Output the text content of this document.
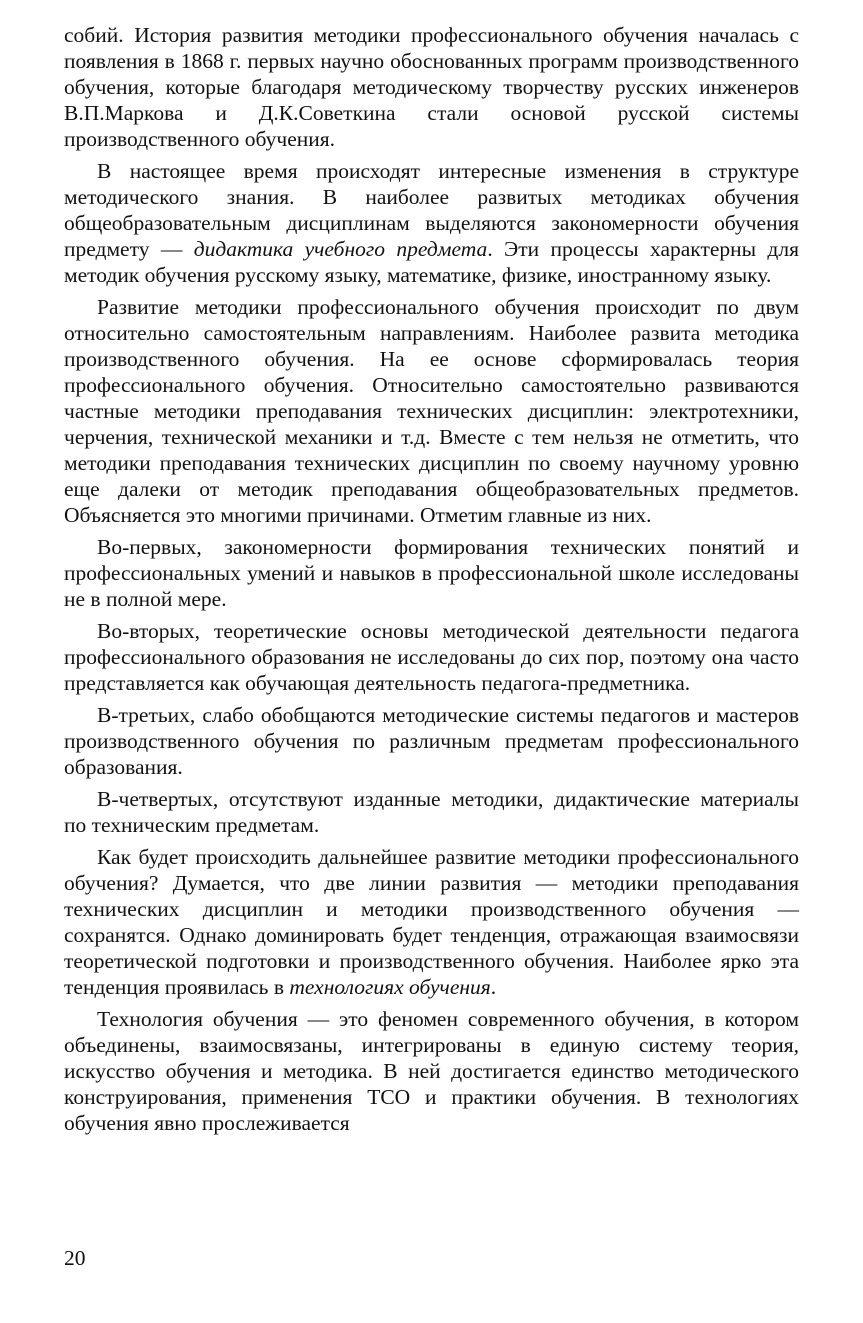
собий. История развития методики профессионального обучения началась с появления в 1868 г. первых научно обоснованных программ производственного обучения, которые благодаря методическому творчеству русских инженеров В.П.Маркова и Д.К.Советкина стали основой русской системы производственного обучения.

В настоящее время происходят интересные изменения в структуре методического знания. В наиболее развитых методиках обучения общеобразовательным дисциплинам выделяются закономерности обучения предмету — дидактика учебного предмета. Эти процессы характерны для методик обучения русскому языку, математике, физике, иностранному языку.

Развитие методики профессионального обучения происходит по двум относительно самостоятельным направлениям. Наиболее развита методика производственного обучения. На ее основе сформировалась теория профессионального обучения. Относительно самостоятельно развиваются частные методики преподавания технических дисциплин: электротехники, черчения, технической механики и т.д. Вместе с тем нельзя не отметить, что методики преподавания технических дисциплин по своему научному уровню еще далеки от методик преподавания общеобразовательных предметов. Объясняется это многими причинами. Отметим главные из них.

Во-первых, закономерности формирования технических понятий и профессиональных умений и навыков в профессиональной школе исследованы не в полной мере.

Во-вторых, теоретические основы методической деятельности педагога профессионального образования не исследованы до сих пор, поэтому она часто представляется как обучающая деятельность педагога-предметника.

В-третьих, слабо обобщаются методические системы педагогов и мастеров производственного обучения по различным предметам профессионального образования.

В-четвертых, отсутствуют изданные методики, дидактические материалы по техническим предметам.

Как будет происходить дальнейшее развитие методики профессионального обучения? Думается, что две линии развития — методики преподавания технических дисциплин и методики производственного обучения — сохранятся. Однако доминировать будет тенденция, отражающая взаимосвязи теоретической подготовки и производственного обучения. Наиболее ярко эта тенденция проявилась в технологиях обучения.

Технология обучения — это феномен современного обучения, в котором объединены, взаимосвязаны, интегрированы в единую систему теория, искусство обучения и методика. В ней достигается единство методического конструирования, применения ТСО и практики обучения. В технологиях обучения явно прослеживается

20
